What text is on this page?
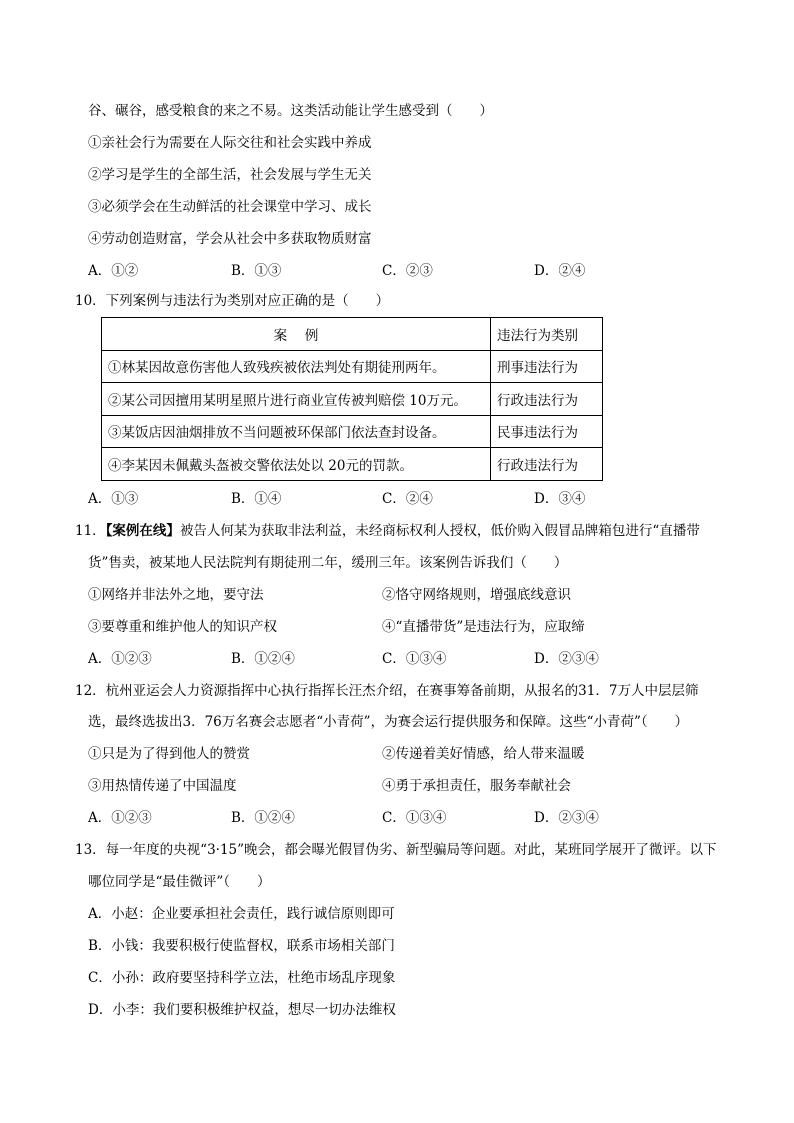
谷、碾谷，感受粮食的来之不易。这类活动能让学生感受到（　　）
①亲社会行为需要在人际交往和社会实践中养成
②学习是学生的全部生活，社会发展与学生无关
③必须学会在生动鲜活的社会课堂中学习、成长
④劳动创造财富，学会从社会中多获取物质财富
A．①②	B．①③	C．②③	D．②④
10．下列案例与违法行为类别对应正确的是（　　）
案　 例	违法行为类别
①林某因故意伤害他人致残疾被依法判处有期徒刑两年。	刑事违法行为
②某公司因擅用某明星照片进行商业宣传被判赔偿 10万元。	行政违法行为
③某饭店因油烟排放不当问题被环保部门依法查封设备。	民事违法行为
④李某因未佩戴头盔被交警依法处以 20元的罚款。	行政违法行为
A．①③	B．①④	C．②④	D．③④
11．【案例在线】被告人何某为获取非法利益，未经商标权利人授权，低价购入假冒品牌箱包进行“直播带
货”售卖，被某地人民法院判有期徒刑二年，缓刑三年。该案例告诉我们（　　）
①网络并非法外之地，要守法	②恪守网络规则，增强底线意识
③要尊重和维护他人的知识产权	④“直播带货”是违法行为，应取缔
A．①②③	B．①②④	C．①③④	D．②③④
12．杭州亚运会人力资源指挥中心执行指挥长汪杰介绍，在赛事筹备前期，从报名的31．7万人中层层筛
选，最终选拔出3．76万名赛会志愿者“小青荷”，为赛会运行提供服务和保障。这些“小青荷”（　　）
①只是为了得到他人的赞赏	②传递着美好情感，给人带来温暖
③用热情传递了中国温度	④勇于承担责任，服务奉献社会
A．①②③	B．①②④	C．①③④	D．②③④
13．每一年度的央视“3·15”晚会，都会曝光假冒伪劣、新型骗局等问题。对此，某班同学展开了微评。以下
哪位同学是“最佳微评”（　　）
A．小赵：企业要承担社会责任，践行诚信原则即可
B．小钱：我要积极行使监督权，联系市场相关部门
C．小孙：政府要坚持科学立法，杜绝市场乱序现象
D．小李：我们要积极维护权益，想尽一切办法维权
